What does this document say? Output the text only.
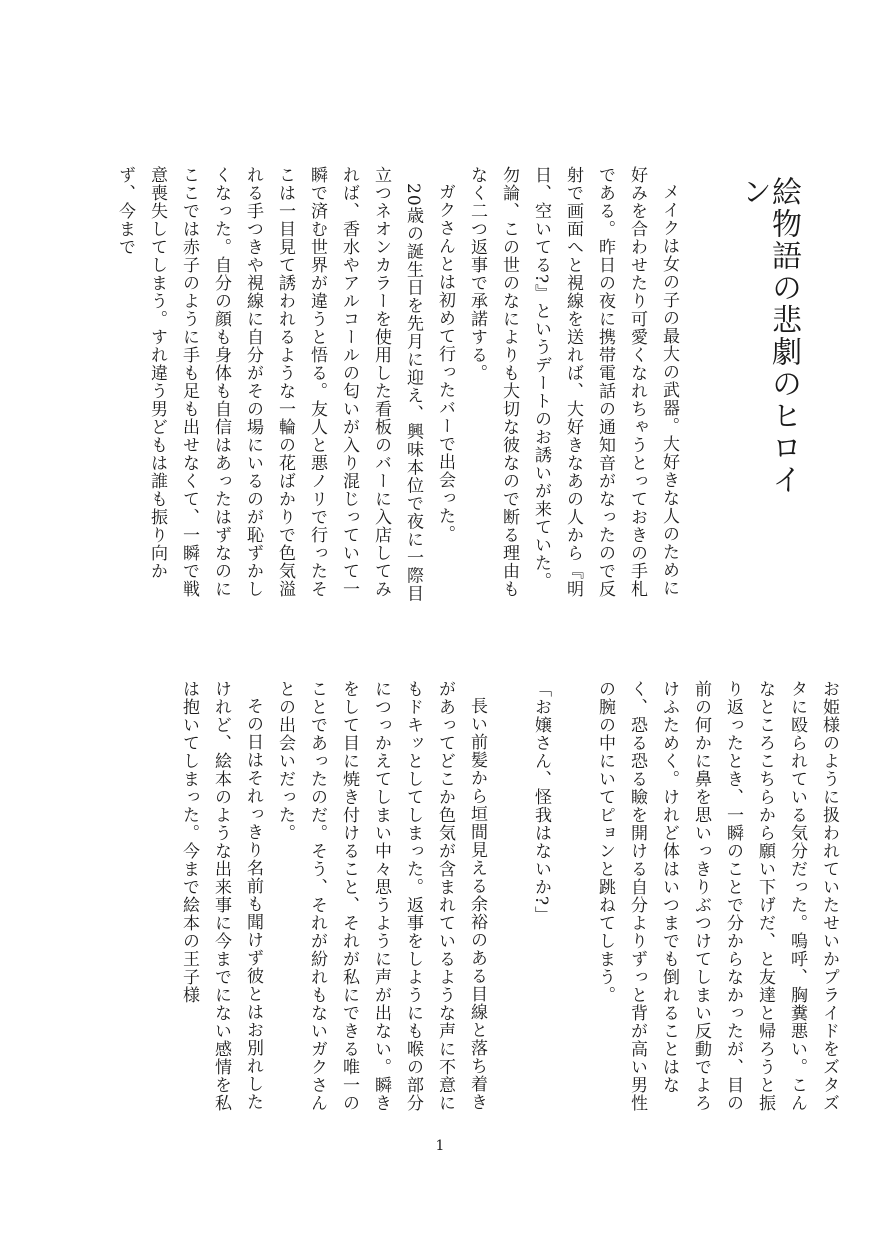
絵物語の悲劇のヒロイン

メイクは女の子の最大の武器。大好きな人のために好みを合わせたり可愛くなれちゃうとっておきの手札である。昨日の夜に携帯電話の通知音がなったので反射で画面へと視線を送れば、大好きなあの人から『明日、空いてる?』というデートのお誘いが来ていた。勿論、この世のなによりも大切な彼なので断る理由もなく二つ返事で承諾する。

ガクさんとは初めて行ったバーで出会った。

20歳の誕生日を先月に迎え、興味本位で夜に一際目立つネオンカラーを使用した看板のバーに入店してみれば、香水やアルコールの匂いが入り混じっていて一瞬で済む世界が違うと悟る。友人と悪ノリで行ったそこは一目見て誘われるような一輪の花ばかりで色気溢れる手つきや視線に自分がその場にいるのが恥ずかしくなった。自分の顔も身体も自信はあったはずなのにここでは赤子のように手も足も出せなくて、一瞬で戦意喪失してしまう。すれ違う男どもは誰も振り向かず、今まで

お姫様のように扱われていたせいかプライドをズタズタに殴られている気分だった。嗚呼、胸糞悪い。こんなところこちらから願い下げだ、と友達と帰ろうと振り返ったとき、一瞬のことで分からなかったが、目の前の何かに鼻を思いっきりぶつけてしまい反動でよろけふためく。けれど体はいつまでも倒れることはなく、恐る恐る瞼を開ける自分よりずっと背が高い男性の腕の中にいてピョンと跳ねてしまう。

「お嬢さん、怪我はないか?」

長い前髪から垣間見える余裕のある目線と落ち着きがあってどこか色気が含まれているような声に不意にもドキッとしてしまった。返事をしようにも喉の部分につっかえてしまい中々思うように声が出ない。瞬きをして目に焼き付けること、それが私にできる唯一のことであったのだ。そう、それが紛れもないガクさんとの出会いだった。

その日はそれっきり名前も聞けず彼とはお別れしたけれど、絵本のような出来事に今までにない感情を私は抱いてしまった。今まで絵本の王子様

1
